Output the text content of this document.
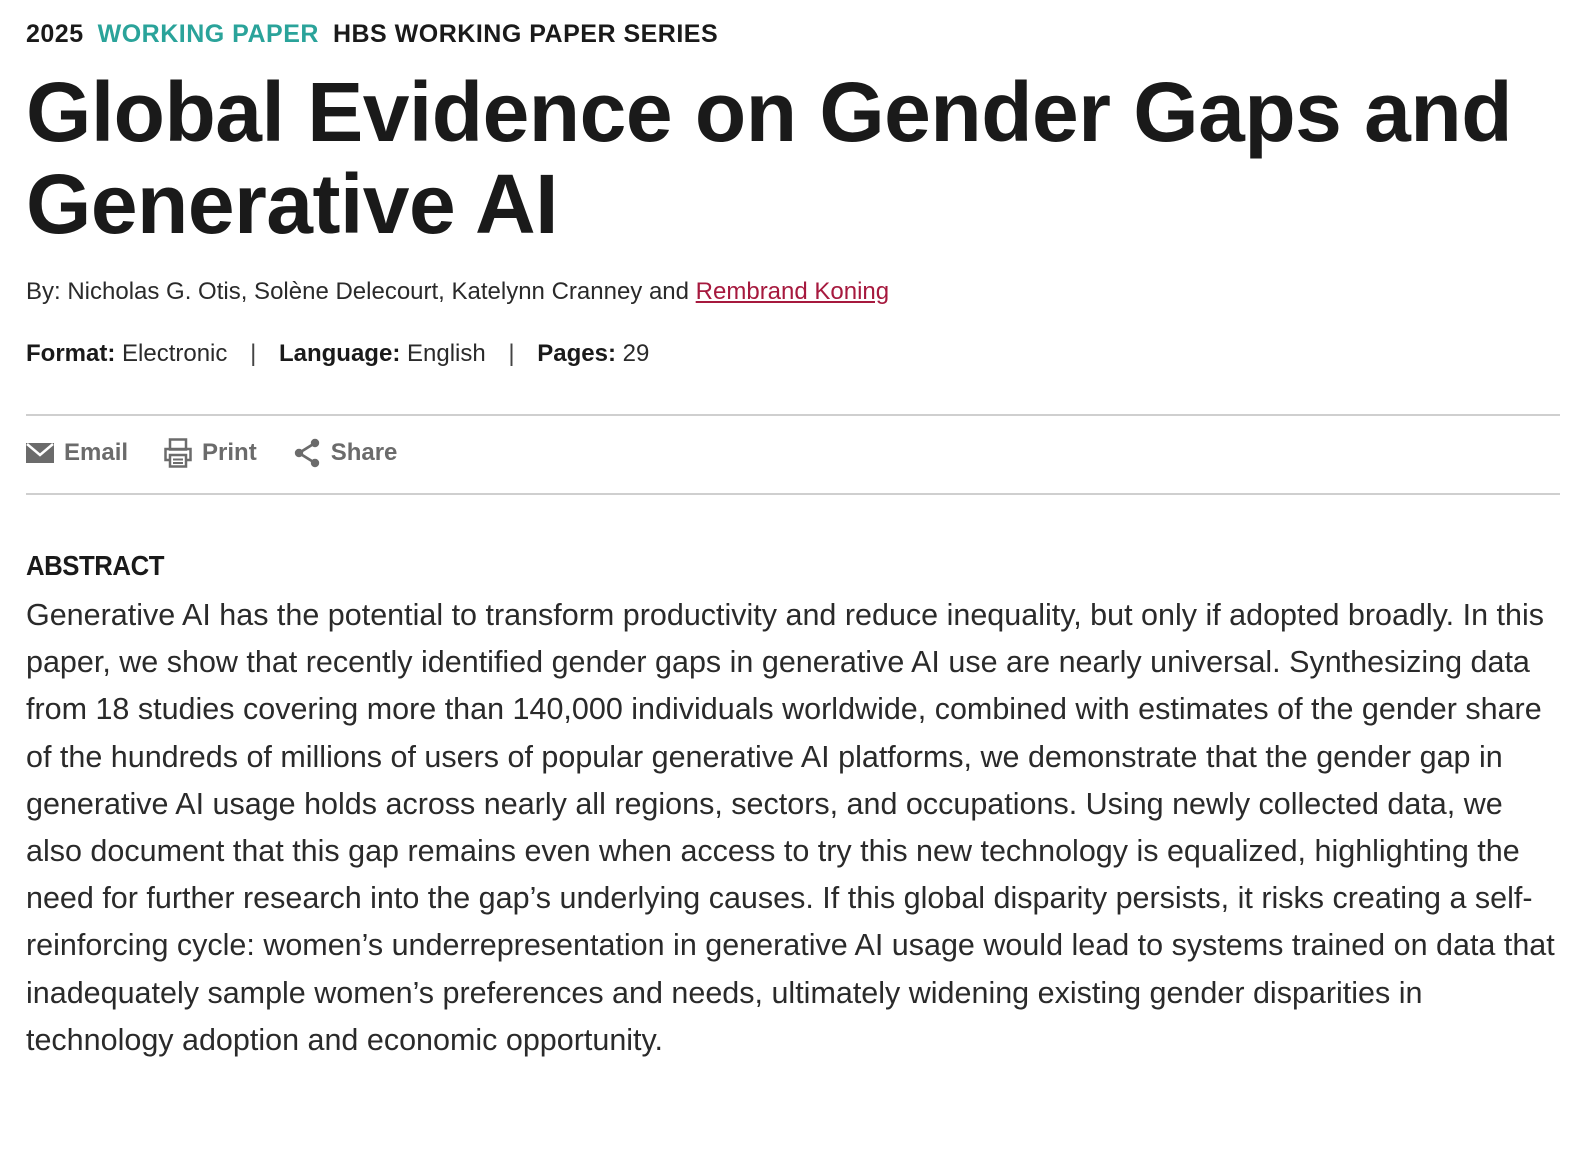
2025 WORKING PAPER HBS WORKING PAPER SERIES
Global Evidence on Gender Gaps and Generative AI
By: Nicholas G. Otis, Solène Delecourt, Katelynn Cranney and Rembrand Koning
Format: Electronic | Language: English | Pages: 29
Email	Print	Share
ABSTRACT

Generative AI has the potential to transform productivity and reduce inequality, but only if adopted broadly. In this paper, we show that recently identified gender gaps in generative AI use are nearly universal. Synthesizing data from 18 studies covering more than 140,000 individuals worldwide, combined with estimates of the gender share of the hundreds of millions of users of popular generative AI platforms, we demonstrate that the gender gap in generative AI usage holds across nearly all regions, sectors, and occupations. Using newly collected data, we also document that this gap remains even when access to try this new technology is equalized, highlighting the need for further research into the gap’s underlying causes. If this global disparity persists, it risks creating a self-reinforcing cycle: women’s underrepresentation in generative AI usage would lead to systems trained on data that inadequately sample women’s preferences and needs, ultimately widening existing gender disparities in technology adoption and economic opportunity.
